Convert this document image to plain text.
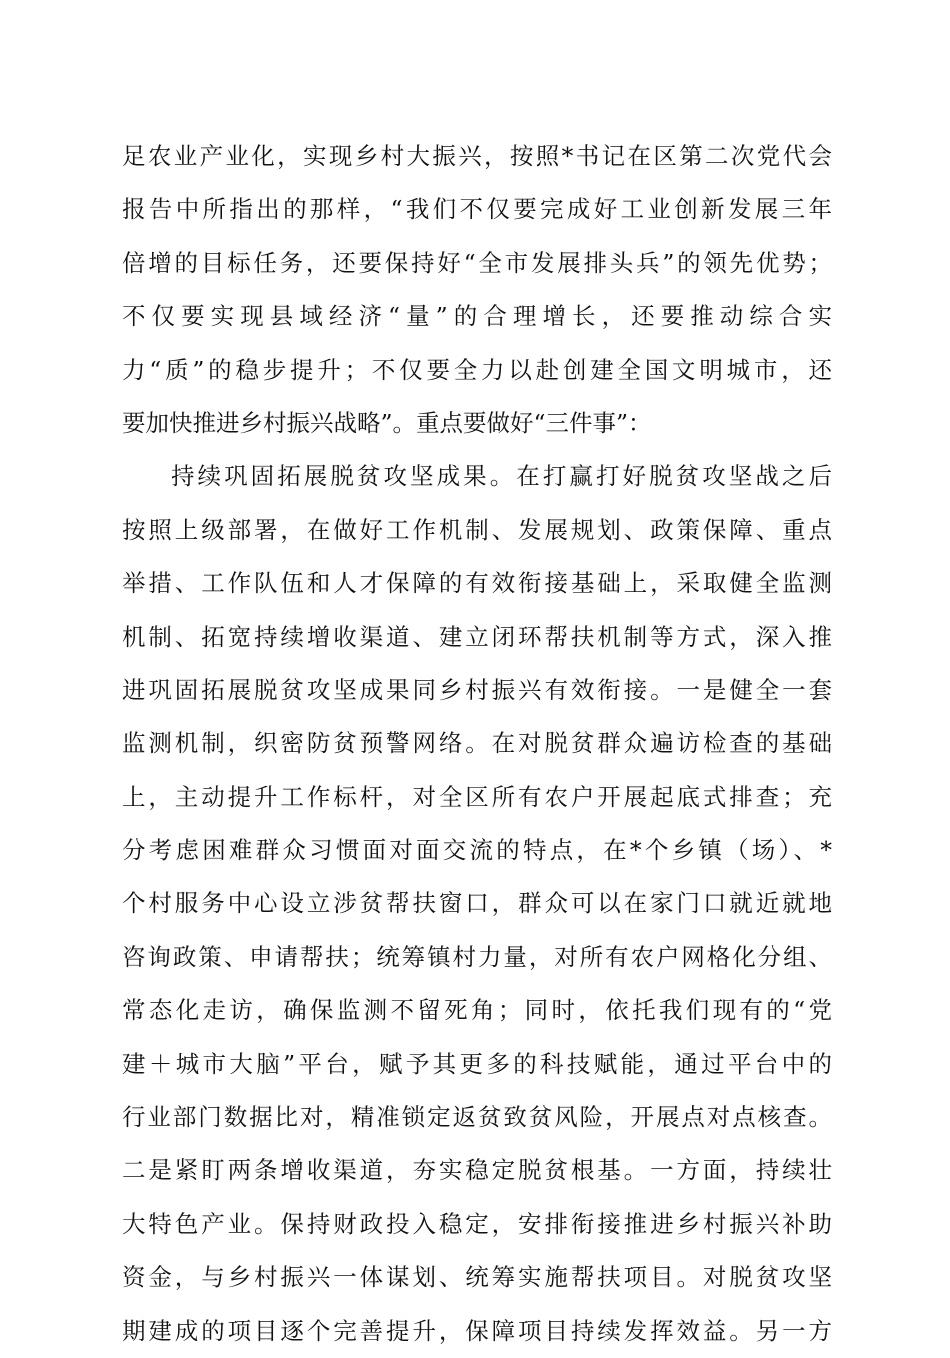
足农业产业化，实现乡村大振兴，按照*书记在区第二次党代会
报告中所指出的那样，“我们不仅要完成好工业创新发展三年
倍增的目标任务，还要保持好“全市发展排头兵”的领先优势；
不仅要实现县域经济“量”的合理增长，还要推动综合实
力“质”的稳步提升；不仅要全力以赴创建全国文明城市，还
要加快推进乡村振兴战略”。重点要做好“三件事”：
持续巩固拓展脱贫攻坚成果。在打赢打好脱贫攻坚战之后
按照上级部署，在做好工作机制、发展规划、政策保障、重点
举措、工作队伍和人才保障的有效衔接基础上，采取健全监测
机制、拓宽持续增收渠道、建立闭环帮扶机制等方式，深入推
进巩固拓展脱贫攻坚成果同乡村振兴有效衔接。一是健全一套
监测机制，织密防贫预警网络。在对脱贫群众遍访检查的基础
上，主动提升工作标杆，对全区所有农户开展起底式排查；充
分考虑困难群众习惯面对面交流的特点，在*个乡镇（场）、*
个村服务中心设立涉贫帮扶窗口，群众可以在家门口就近就地
咨询政策、申请帮扶；统筹镇村力量，对所有农户网格化分组、
常态化走访，确保监测不留死角；同时，依托我们现有的“党
建＋城市大脑”平台，赋予其更多的科技赋能，通过平台中的
行业部门数据比对，精准锁定返贫致贫风险，开展点对点核查。
二是紧盯两条增收渠道，夯实稳定脱贫根基。一方面，持续壮
大特色产业。保持财政投入稳定，安排衔接推进乡村振兴补助
资金，与乡村振兴一体谋划、统筹实施帮扶项目。对脱贫攻坚
期建成的项目逐个完善提升，保障项目持续发挥效益。另一方
